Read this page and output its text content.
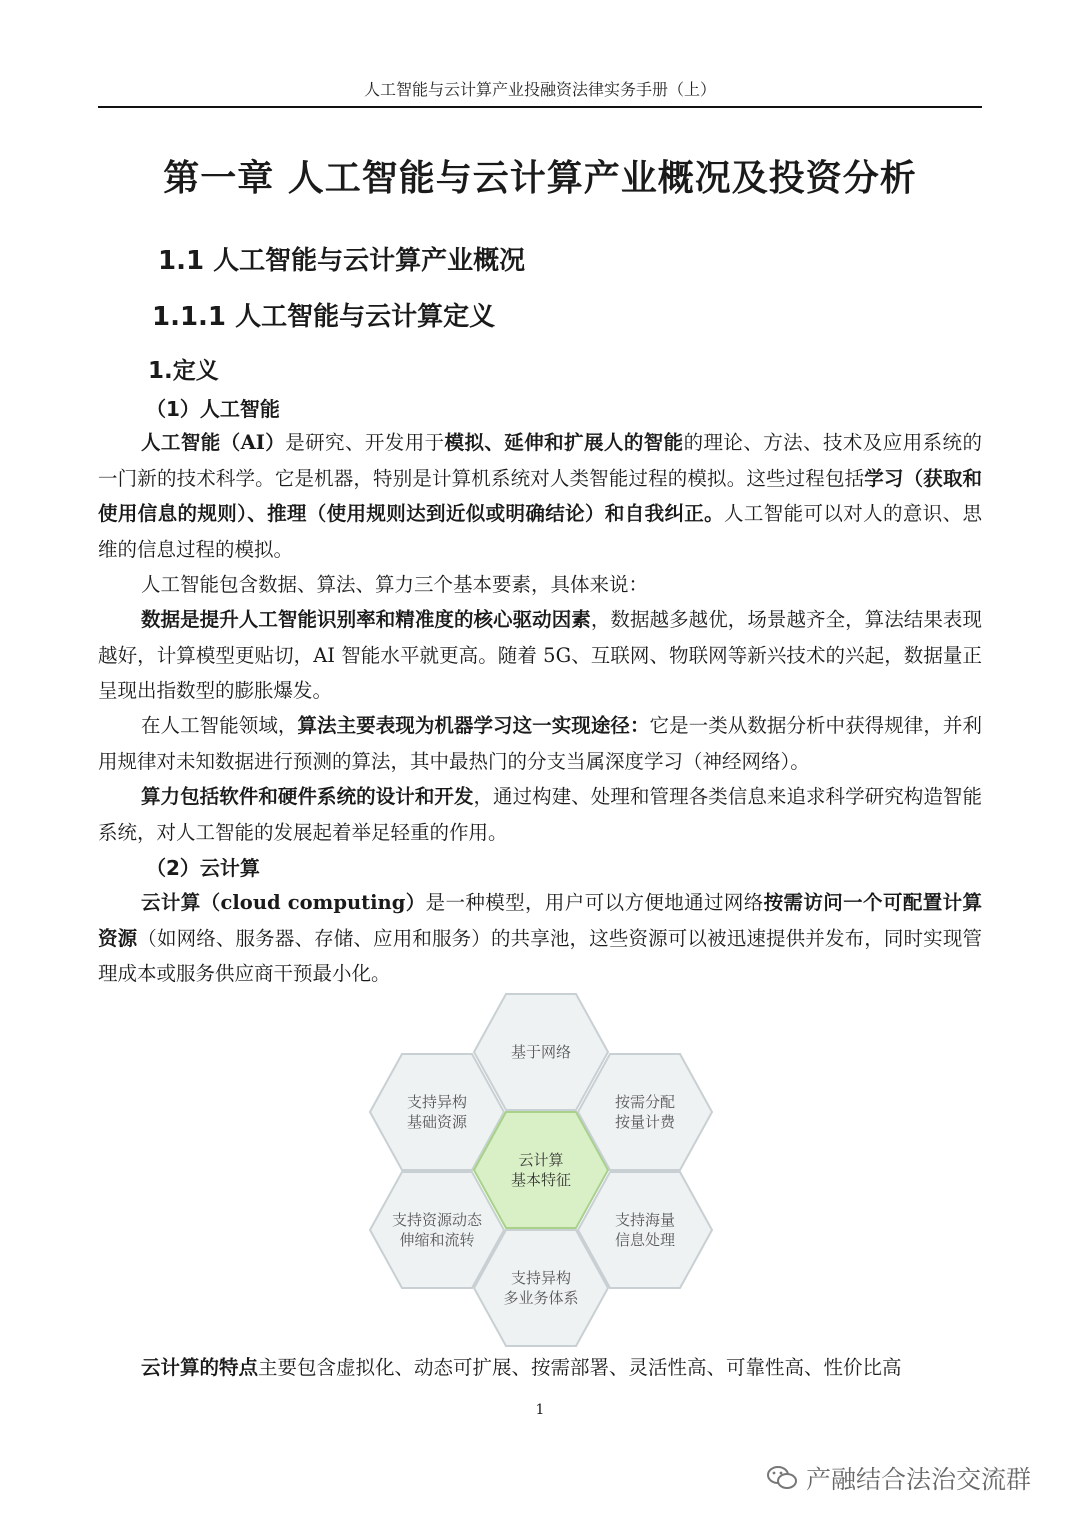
人工智能与云计算产业投融资法律实务手册（上）
第一章 人工智能与云计算产业概况及投资分析
1.1 人工智能与云计算产业概况
1.1.1 人工智能与云计算定义
1.定义
（1）人工智能

人工智能（AI）是研究、开发用于模拟、延伸和扩展人的智能的理论、方法、技术及应用系统的一门新的技术科学。它是机器，特别是计算机系统对人类智能过程的模拟。这些过程包括学习（获取和使用信息的规则）、推理（使用规则达到近似或明确结论）和自我纠正。人工智能可以对人的意识、思维的信息过程的模拟。

人工智能包含数据、算法、算力三个基本要素，具体来说：

数据是提升人工智能识别率和精准度的核心驱动因素，数据越多越优，场景越齐全，算法结果表现越好，计算模型更贴切，AI 智能水平就更高。随着 5G、互联网、物联网等新兴技术的兴起，数据量正呈现出指数型的膨胀爆发。

在人工智能领域，算法主要表现为机器学习这一实现途径：它是一类从数据分析中获得规律，并利用规律对未知数据进行预测的算法，其中最热门的分支当属深度学习（神经网络）。

算力包括软件和硬件系统的设计和开发，通过构建、处理和管理各类信息来追求科学研究构造智能系统，对人工智能的发展起着举足轻重的作用。

（2）云计算

云计算（cloud computing）是一种模型，用户可以方便地通过网络按需访问一个可配置计算资源（如网络、服务器、存储、应用和服务）的共享池，这些资源可以被迅速提供并发布，同时实现管理成本或服务供应商干预最小化。

基于网络
支持异构
基础资源
按需分配
按量计费
云计算
基本特征
支持资源动态
伸缩和流转
支持海量
信息处理
支持异构
多业务体系

云计算的特点主要包含虚拟化、动态可扩展、按需部署、灵活性高、可靠性高、性价比高

1
产融结合法治交流群
